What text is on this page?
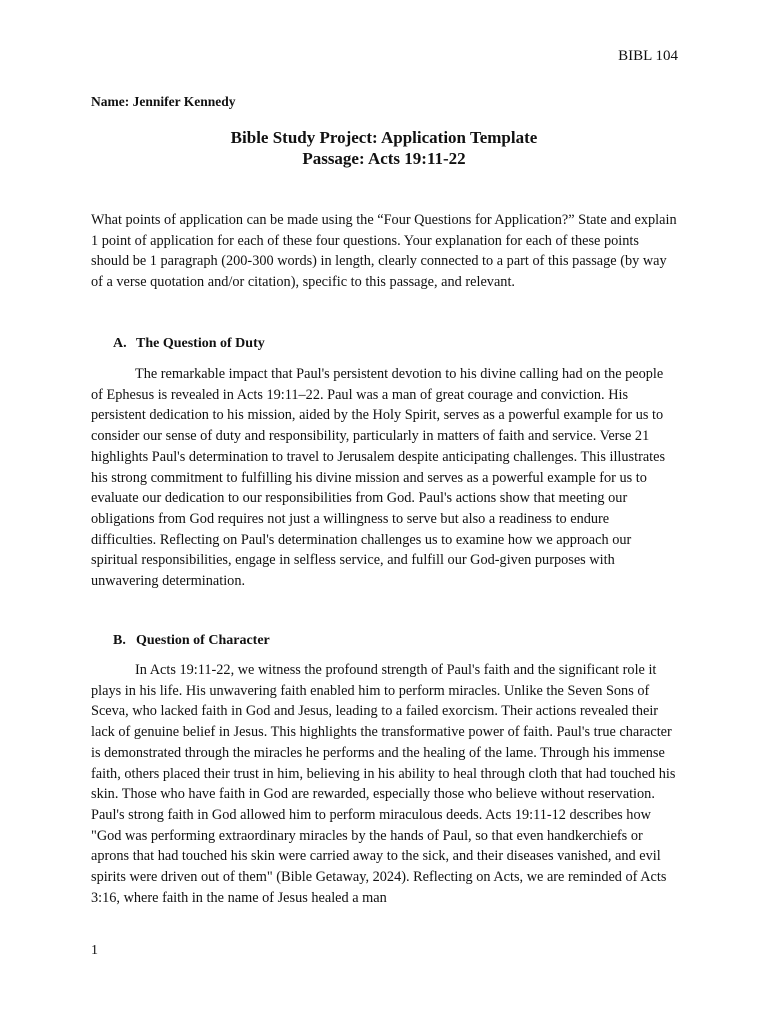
BIBL 104
Name: Jennifer Kennedy
Bible Study Project: Application Template
Passage: Acts 19:11-22

What points of application can be made using the “Four Questions for Application?” State and explain 1 point of application for each of these four questions. Your explanation for each of these points should be 1 paragraph (200-300 words) in length, clearly connected to a part of this passage (by way of a verse quotation and/or citation), specific to this passage, and relevant.

A. The Question of Duty

The remarkable impact that Paul's persistent devotion to his divine calling had on the people of Ephesus is revealed in Acts 19:11–22. Paul was a man of great courage and conviction. His persistent dedication to his mission, aided by the Holy Spirit, serves as a powerful example for us to consider our sense of duty and responsibility, particularly in matters of faith and service. Verse 21 highlights Paul's determination to travel to Jerusalem despite anticipating challenges. This illustrates his strong commitment to fulfilling his divine mission and serves as a powerful example for us to evaluate our dedication to our responsibilities from God. Paul's actions show that meeting our obligations from God requires not just a willingness to serve but also a readiness to endure difficulties. Reflecting on Paul's determination challenges us to examine how we approach our spiritual responsibilities, engage in selfless service, and fulfill our God-given purposes with unwavering determination.

B. Question of Character

In Acts 19:11-22, we witness the profound strength of Paul's faith and the significant role it plays in his life. His unwavering faith enabled him to perform miracles. Unlike the Seven Sons of Sceva, who lacked faith in God and Jesus, leading to a failed exorcism. Their actions revealed their lack of genuine belief in Jesus. This highlights the transformative power of faith. Paul's true character is demonstrated through the miracles he performs and the healing of the lame. Through his immense faith, others placed their trust in him, believing in his ability to heal through cloth that had touched his skin. Those who have faith in God are rewarded, especially those who believe without reservation. Paul's strong faith in God allowed him to perform miraculous deeds. Acts 19:11-12 describes how "God was performing extraordinary miracles by the hands of Paul, so that even handkerchiefs or aprons that had touched his skin were carried away to the sick, and their diseases vanished, and evil spirits were driven out of them" (Bible Getaway, 2024). Reflecting on Acts, we are reminded of Acts 3:16, where faith in the name of Jesus healed a man

1
